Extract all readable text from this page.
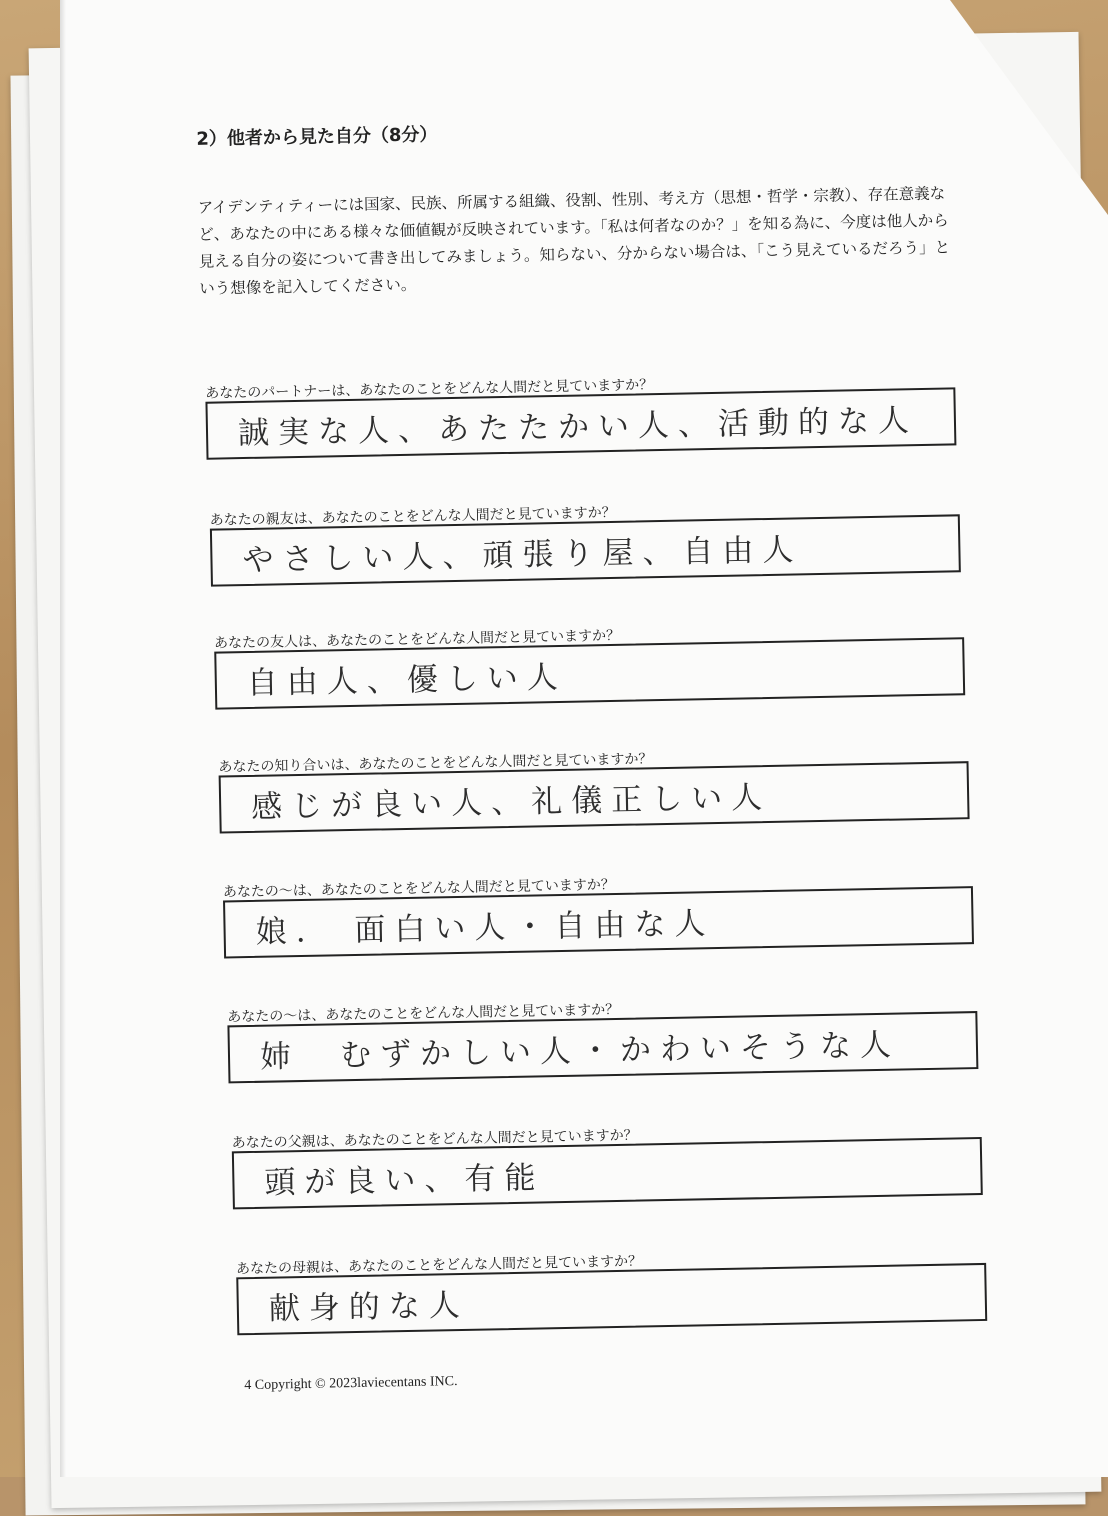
2）他者から見た自分（8分）
アイデンティティーには国家、民族、所属する組織、役割、性別、考え方（思想・哲学・宗教）、存在意義など、あなたの中にある様々な価値観が反映されています。「私は何者なのか？」を知る為に、今度は他人から見える自分の姿について書き出してみましょう。知らない、分からない場合は、「こう見えているだろう」という想像を記入してください。
あなたのパートナーは、あなたのことをどんな人間だと見ていますか？
誠実な人、あたたかい人、活動的な人
あなたの親友は、あなたのことをどんな人間だと見ていますか？
やさしい人、頑張り屋、自由人
あなたの友人は、あなたのことをどんな人間だと見ていますか？
自由人、優しい人
あなたの知り合いは、あなたのことをどんな人間だと見ていますか？
感じが良い人、礼儀正しい人
あなたの～は、あなたのことをどんな人間だと見ていますか？
娘.　面白い人・自由な人
あなたの～は、あなたのことをどんな人間だと見ていますか？
姉　むずかしい人・かわいそうな人
あなたの父親は、あなたのことをどんな人間だと見ていますか？
頭が良い、有能
あなたの母親は、あなたのことをどんな人間だと見ていますか？
献身的な人
4 Copyright © 2023laviecentans INC.
